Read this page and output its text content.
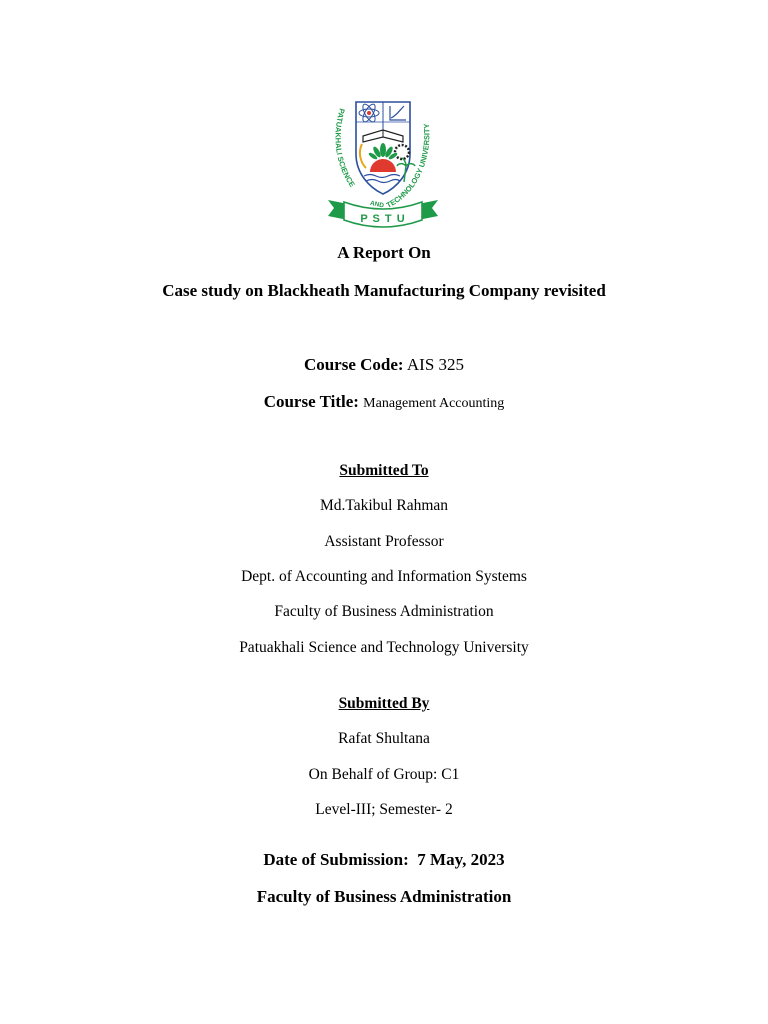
PATUAKHALI SCIENCE
TECHNOLOGY UNIVERSITY
AND
P S T U
A Report On
Case study on Blackheath Manufacturing Company revisited
Course Code: AIS 325
Course Title: Management Accounting
Submitted To
Md.Takibul Rahman
Assistant Professor
Dept. of Accounting and Information Systems
Faculty of Business Administration
Patuakhali Science and Technology University
Submitted By
Rafat Shultana
On Behalf of Group: C1
Level-III; Semester- 2
Date of Submission: 7 May, 2023
Faculty of Business Administration
